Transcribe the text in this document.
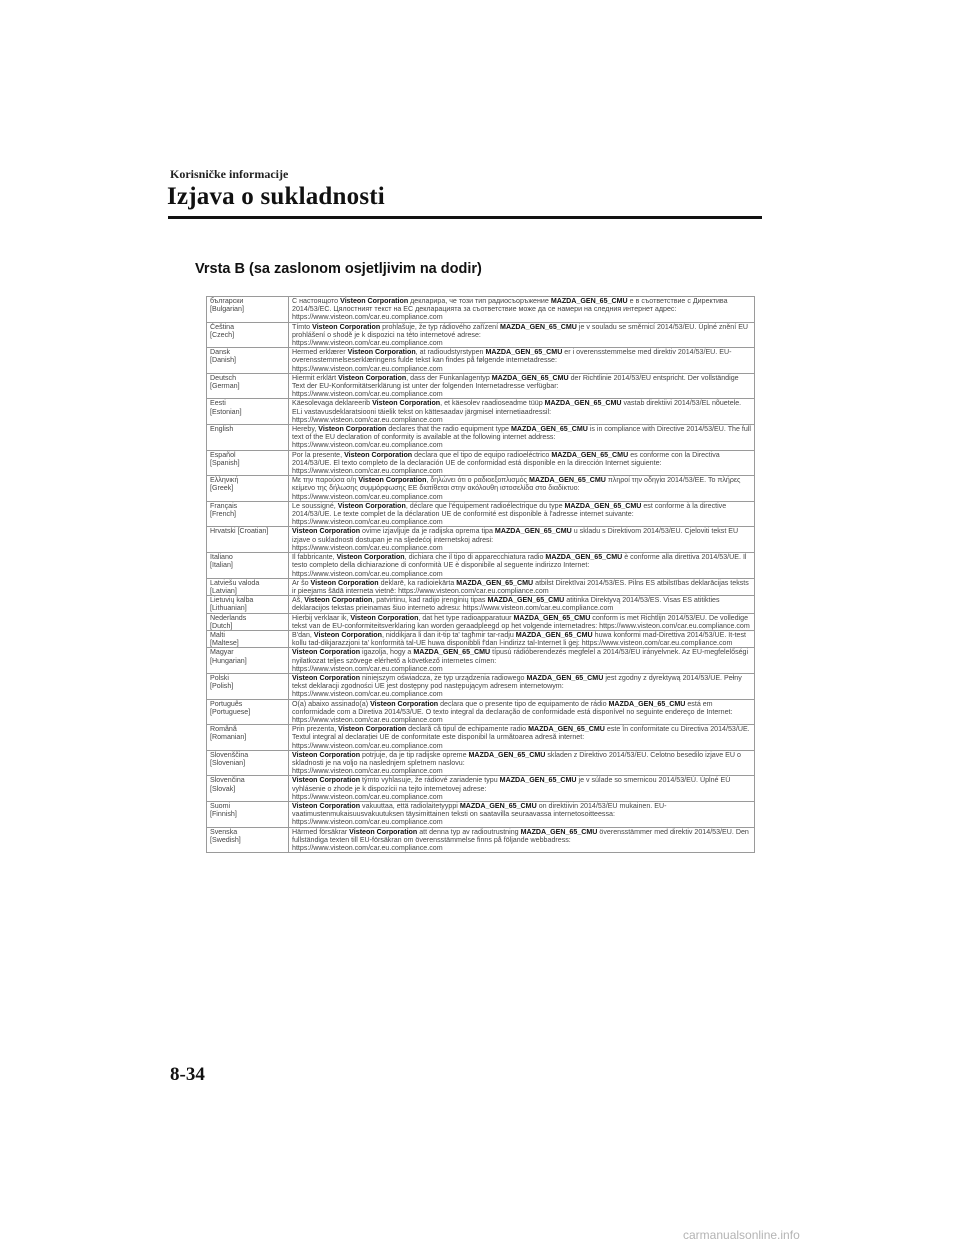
Korisničke informacije
Izjava o sukladnosti
Vrsta B (sa zaslonom osjetljivim na dodir)
български
[Bulgarian]	С настоящото Visteon Corporation декларира, че този тип радиосъоръжение MAZDA_GEN_65_CMU е в съответствие с Директива 2014/53/ЕС. Цялостният текст на ЕС декларацията за съответствие може да се намери на следния интернет адрес: https://www.visteon.com/car.eu.compliance.com
Čeština
[Czech]	Tímto Visteon Corporation prohlašuje, že typ rádiového zařízení MAZDA_GEN_65_CMU je v souladu se směrnicí 2014/53/EU. Úplné znění EU prohlášení o shodě je k dispozici na této internetové adrese:
https://www.visteon.com/car.eu.compliance.com
Dansk
[Danish]	Hermed erklærer Visteon Corporation, at radioudstyrstypen MAZDA_GEN_65_CMU er i overensstemmelse med direktiv 2014/53/EU. EU-overensstemmelseserklæringens fulde tekst kan findes på følgende internetadresse:
https://www.visteon.com/car.eu.compliance.com
Deutsch
[German]	Hiermit erklärt Visteon Corporation, dass der Funkanlagentyp MAZDA_GEN_65_CMU der Richtlinie 2014/53/EU entspricht. Der vollständige Text der EU-Konformitätserklärung ist unter der folgenden Internetadresse verfügbar:
https://www.visteon.com/car.eu.compliance.com
Eesti
[Estonian]	Käesolevaga deklareerib Visteon Corporation, et käesolev raadioseadme tüüp MAZDA_GEN_65_CMU vastab direktiivi 2014/53/EL nõuetele. ELi vastavusdeklaratsiooni täielik tekst on kättesaadav järgmisel internetiaadressil:
https://www.visteon.com/car.eu.compliance.com
English	Hereby, Visteon Corporation declares that the radio equipment type MAZDA_GEN_65_CMU is in compliance with Directive 2014/53/EU. The full text of the EU declaration of conformity is available at the following internet address:
https://www.visteon.com/car.eu.compliance.com
Español
[Spanish]	Por la presente, Visteon Corporation declara que el tipo de equipo radioeléctrico MAZDA_GEN_65_CMU es conforme con la Directiva 2014/53/UE. El texto completo de la declaración UE de conformidad está disponible en la dirección Internet siguiente: https://www.visteon.com/car.eu.compliance.com
Ελληνική
[Greek]	Με την παρούσα ο/η Visteon Corporation, δηλώνει ότι ο ραδιοεξοπλισμός MAZDA_GEN_65_CMU πληροί την οδηγία 2014/53/ΕΕ. Το πλήρες κείμενο της δήλωσης συμμόρφωσης ΕΕ διατίθεται στην ακόλουθη ιστοσελίδα στο διαδίκτυο:
https://www.visteon.com/car.eu.compliance.com
Français
[French]	Le soussigné, Visteon Corporation, déclare que l'équipement radioélectrique du type MAZDA_GEN_65_CMU est conforme à la directive 2014/53/UE. Le texte complet de la déclaration UE de conformité est disponible à l'adresse internet suivante: https://www.visteon.com/car.eu.compliance.com
Hrvatski [Croatian]	Visteon Corporation ovime izjavljuje da je radijska oprema tipa MAZDA_GEN_65_CMU u skladu s Direktivom 2014/53/EU. Cjeloviti tekst EU izjave o sukladnosti dostupan je na sljedećoj internetskoj adresi:
https://www.visteon.com/car.eu.compliance.com
Italiano
[Italian]	Il fabbricante, Visteon Corporation, dichiara che il tipo di apparecchiatura radio MAZDA_GEN_65_CMU è conforme alla direttiva 2014/53/UE. Il testo completo della dichiarazione di conformità UE è disponibile al seguente indirizzo Internet:
https://www.visteon.com/car.eu.compliance.com
Latviešu valoda
[Latvian]	Ar šo Visteon Corporation deklarē, ka radioiekārta MAZDA_GEN_65_CMU atbilst Direktīvai 2014/53/ES. Pilns ES atbilstības deklarācijas teksts ir pieejams šādā interneta vietnē: https://www.visteon.com/car.eu.compliance.com
Lietuvių kalba
[Lithuanian]	Aš, Visteon Corporation, patvirtinu, kad radijo įrenginių tipas MAZDA_GEN_65_CMU atitinka Direktyvą 2014/53/ES. Visas ES atitikties deklaracijos tekstas prieinamas šiuo interneto adresu: https://www.visteon.com/car.eu.compliance.com
Nederlands
[Dutch]	Hierbij verklaar ik, Visteon Corporation, dat het type radioapparatuur MAZDA_GEN_65_CMU conform is met Richtlijn 2014/53/EU. De volledige tekst van de EU-conformiteitsverklaring kan worden geraadpleegd op het volgende internetadres: https://www.visteon.com/car.eu.compliance.com
Malti
[Maltese]	B'dan, Visteon Corporation, niddikjara li dan it-tip ta' tagħmir tar-radju MAZDA_GEN_65_CMU huwa konformi mad-Direttiva 2014/53/UE. It-test kollu tad-dikjarazzjoni ta' konformità tal-UE huwa disponibbli f'dan l-indirizz tal-Internet li ġej: https://www.visteon.com/car.eu.compliance.com
Magyar
[Hungarian]	Visteon Corporation igazolja, hogy a MAZDA_GEN_65_CMU típusú rádióberendezés megfelel a 2014/53/EU irányelvnek. Az EU-megfelelőségi nyilatkozat teljes szövege elérhető a következő internetes címen:
https://www.visteon.com/car.eu.compliance.com
Polski
[Polish]	Visteon Corporation niniejszym oświadcza, że typ urządzenia radiowego MAZDA_GEN_65_CMU jest zgodny z dyrektywą 2014/53/UE. Pełny tekst deklaracji zgodności UE jest dostępny pod następującym adresem internetowym:
https://www.visteon.com/car.eu.compliance.com
Português
[Portuguese]	O(a) abaixo assinado(a) Visteon Corporation declara que o presente tipo de equipamento de rádio MAZDA_GEN_65_CMU está em conformidade com a Diretiva 2014/53/UE. O texto integral da declaração de conformidade está disponível no seguinte endereço de Internet: https://www.visteon.com/car.eu.compliance.com
Română
[Romanian]	Prin prezenta, Visteon Corporation declară că tipul de echipamente radio MAZDA_GEN_65_CMU este în conformitate cu Directiva 2014/53/UE. Textul integral al declarației UE de conformitate este disponibil la următoarea adresă internet:
https://www.visteon.com/car.eu.compliance.com
Slovenščina
[Slovenian]	Visteon Corporation potrjuje, da je tip radijske opreme MAZDA_GEN_65_CMU skladen z Direktivo 2014/53/EU. Celotno besedilo izjave EU o skladnosti je na voljo na naslednjem spletnem naslovu:
https://www.visteon.com/car.eu.compliance.com
Slovenčina
[Slovak]	Visteon Corporation týmto vyhlasuje, že rádiové zariadenie typu MAZDA_GEN_65_CMU je v súlade so smernicou 2014/53/EÚ. Úplné EÚ vyhlásenie o zhode je k dispozícii na tejto internetovej adrese:
https://www.visteon.com/car.eu.compliance.com
Suomi
[Finnish]	Visteon Corporation vakuuttaa, että radiolaitetyyppi MAZDA_GEN_65_CMU on direktiivin 2014/53/EU mukainen. EU-vaatimustenmukaisuusvakuutuksen täysimittainen teksti on saatavilla seuraavassa internetosoitteessa:
https://www.visteon.com/car.eu.compliance.com
Svenska
[Swedish]	Härmed försäkrar Visteon Corporation att denna typ av radioutrustning MAZDA_GEN_65_CMU överensstämmer med direktiv 2014/53/EU. Den fullständiga texten till EU-försäkran om överensstämmelse finns på följande webbadress:
https://www.visteon.com/car.eu.compliance.com
8-34
carmanualsonline.info
